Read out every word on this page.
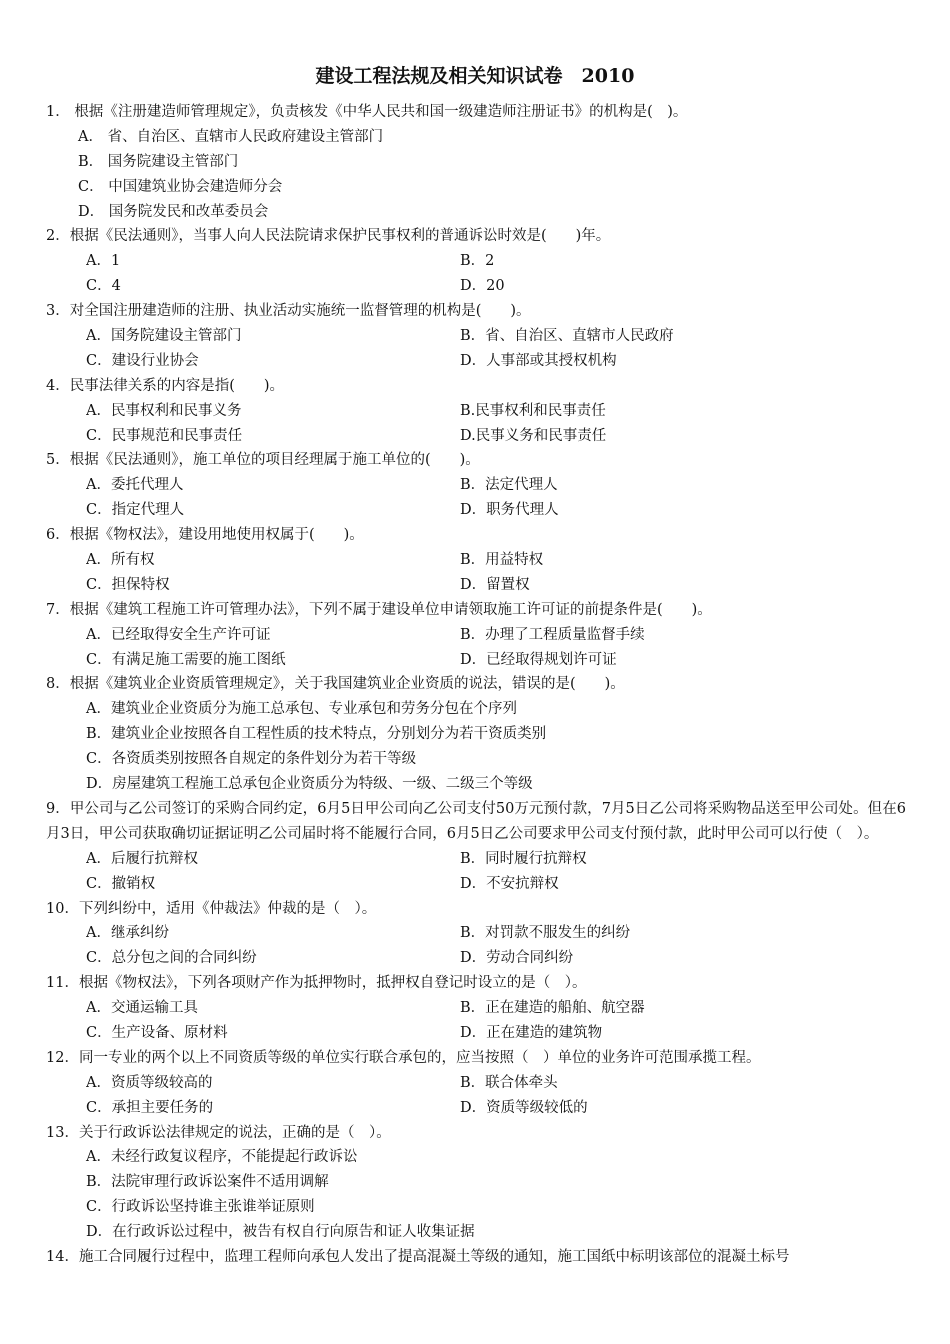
建设工程法规及相关知识试卷　2010
1． 根据《注册建造师管理规定》，负责核发《中华人民共和国一级建造师注册证书》的机构是(　)。
A． 省、自治区、直辖市人民政府建设主管部门
B． 国务院建设主管部门
C． 中国建筑业协会建造师分会
D． 国务院发民和改革委员会
2．根据《民法通则》，当事人向人民法院请求保护民事权利的普通诉讼时效是(　　)年。
A．1	B．2
C．4	D．20
3．对全国注册建造师的注册、执业活动实施统一监督管理的机构是(　　)。
A．国务院建设主管部门	B．省、自治区、直辖市人民政府
C．建设行业协会	D．人事部或其授权机构
4．民事法律关系的内容是指(　　)。
A．民事权利和民事义务	B.民事权利和民事责任
C．民事规范和民事责任	D.民事义务和民事责任
5．根据《民法通则》，施工单位的项目经理属于施工单位的(　　)。
A．委托代理人	B．法定代理人
C．指定代理人	D．职务代理人
6．根据《物权法》，建设用地使用权属于(　　)。
A．所有权	B．用益特权
C．担保特权	D．留置权
7．根据《建筑工程施工许可管理办法》，下列不属于建设单位申请领取施工许可证的前提条件是(　　)。
A．已经取得安全生产许可证	B．办理了工程质量监督手续
C．有满足施工需要的施工图纸	D．已经取得规划许可证
8．根据《建筑业企业资质管理规定》，关于我国建筑业企业资质的说法，错误的是(　　)。
A．建筑业企业资质分为施工总承包、专业承包和劳务分包在个序列
B．建筑业企业按照各自工程性质的技术特点，分别划分为若干资质类别
C．各资质类别按照各自规定的条件划分为若干等级
D．房屋建筑工程施工总承包企业资质分为特级、一级、二级三个等级
9．甲公司与乙公司签订的采购合同约定，6月5日甲公司向乙公司支付50万元预付款，7月5日乙公司将采购物品送至甲公司处。但在6月3日，甲公司获取确切证据证明乙公司届时将不能履行合同，6月5日乙公司要求甲公司支付预付款，此时甲公司可以行使（　）。
A．后履行抗辩权	B．同时履行抗辩权
C．撤销权	D．不安抗辩权
10．下列纠纷中，适用《仲裁法》仲裁的是（　）。
A．继承纠纷	B．对罚款不服发生的纠纷
C．总分包之间的合同纠纷	D．劳动合同纠纷
11．根据《物权法》，下列各项财产作为抵押物时，抵押权自登记时设立的是（　）。
A．交通运输工具	B．正在建造的船舶、航空器
C．生产设备、原材料	D．正在建造的建筑物
12．同一专业的两个以上不同资质等级的单位实行联合承包的，应当按照（　）单位的业务许可范围承揽工程。
A．资质等级较高的	B．联合体牵头
C．承担主要任务的	D．资质等级较低的
13．关于行政诉讼法律规定的说法，正确的是（　）。
A．未经行政复议程序，不能提起行政诉讼
B．法院审理行政诉讼案件不适用调解
C．行政诉讼坚持谁主张谁举证原则
D．在行政诉讼过程中，被告有权自行向原告和证人收集证据
14．施工合同履行过程中，监理工程师向承包人发出了提高混凝土等级的通知，施工国纸中标明该部位的混凝土标号
